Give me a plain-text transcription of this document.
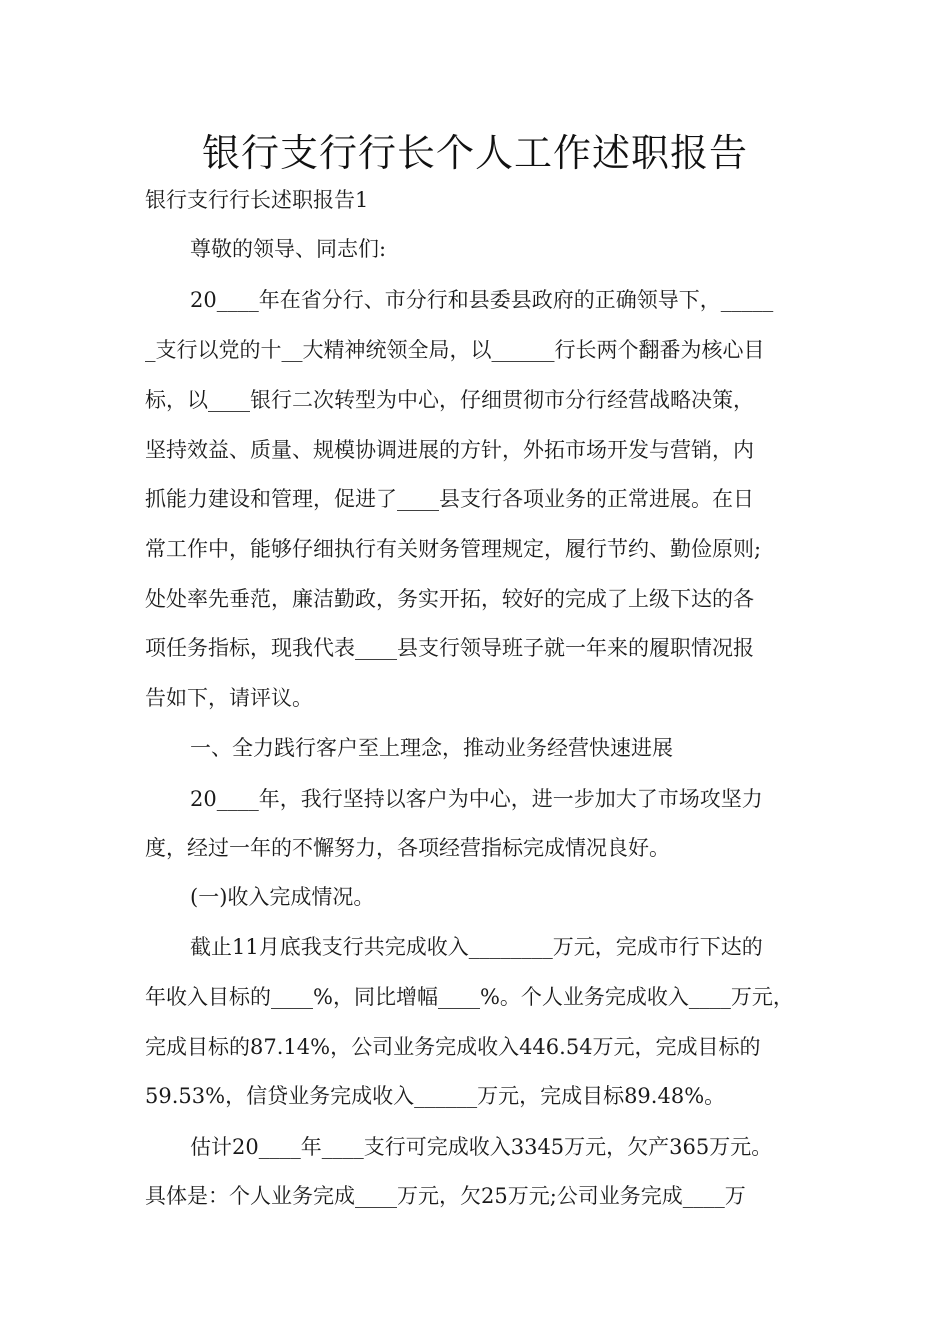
银行支行行长个人工作述职报告

银行支行行长述职报告1

尊敬的领导、同志们:

20____年在省分行、市分行和县委县政府的正确领导下，_____

_支行以党的十__大精神统领全局，以______行长两个翻番为核心目

标，以____银行二次转型为中心，仔细贯彻市分行经营战略决策，

坚持效益、质量、规模协调进展的方针，外拓市场开发与营销，内

抓能力建设和管理，促进了____县支行各项业务的正常进展。在日

常工作中，能够仔细执行有关财务管理规定，履行节约、勤俭原则;

处处率先垂范，廉洁勤政，务实开拓，较好的完成了上级下达的各

项任务指标，现我代表____县支行领导班子就一年来的履职情况报

告如下，请评议。

一、全力践行客户至上理念，推动业务经营快速进展

20____年，我行坚持以客户为中心，进一步加大了市场攻坚力

度，经过一年的不懈努力，各项经营指标完成情况良好。

(一)收入完成情况。

截止11月底我支行共完成收入________万元，完成市行下达的

年收入目标的____%，同比增幅____%。个人业务完成收入____万元，

完成目标的87.14%，公司业务完成收入446.54万元，完成目标的

59.53%，信贷业务完成收入______万元，完成目标89.48%。

估计20____年____支行可完成收入3345万元，欠产365万元。

具体是：个人业务完成____万元，欠25万元;公司业务完成____万
